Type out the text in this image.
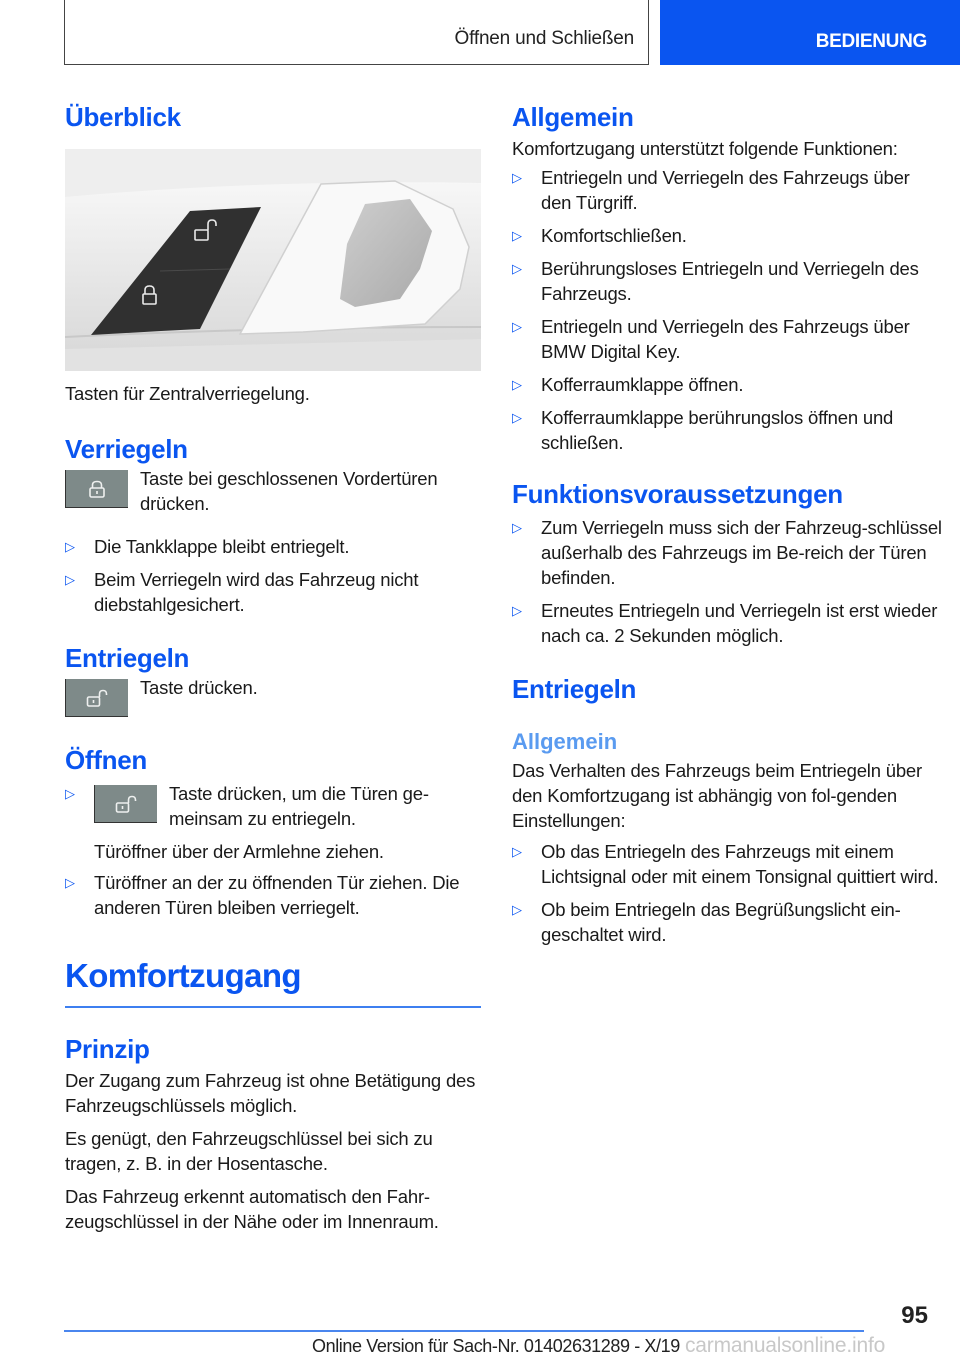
Öffnen und Schließen	BEDIENUNG
Überblick

Tasten für Zentralverriegelung.

Verriegeln

Taste bei geschlossenen Vordertüren drücken.

▷	Die Tankklappe bleibt entriegelt.
▷	Beim Verriegeln wird das Fahrzeug nicht diebstahlgesichert.
Entriegeln

Taste drücken.

Öffnen
▷	Taste drücken, um die Türen ge-meinsam zu entriegeln.

Türöffner über der Armlehne ziehen.

▷	Türöffner an der zu öffnenden Tür ziehen. Die anderen Türen bleiben verriegelt.
Komfortzugang
Prinzip

Der Zugang zum Fahrzeug ist ohne Betätigung des Fahrzeugschlüssels möglich.

Es genügt, den Fahrzeugschlüssel bei sich zu tragen, z. B. in der Hosentasche.

Das Fahrzeug erkennt automatisch den Fahr-zeugschlüssel in der Nähe oder im Innenraum.

Allgemein

Komfortzugang unterstützt folgende Funktionen:

▷	Entriegeln und Verriegeln des Fahrzeugs über den Türgriff.
▷	Komfortschließen.
▷	Berührungsloses Entriegeln und Verriegeln des Fahrzeugs.
▷	Entriegeln und Verriegeln des Fahrzeugs über BMW Digital Key.
▷	Kofferraumklappe öffnen.
▷	Kofferraumklappe berührungslos öffnen und schließen.
Funktionsvoraussetzungen
▷	Zum Verriegeln muss sich der Fahrzeug-schlüssel außerhalb des Fahrzeugs im Be-reich der Türen befinden.
▷	Erneutes Entriegeln und Verriegeln ist erst wieder nach ca. 2 Sekunden möglich.
Entriegeln
Allgemein

Das Verhalten des Fahrzeugs beim Entriegeln über den Komfortzugang ist abhängig von fol-genden Einstellungen:

▷	Ob das Entriegeln des Fahrzeugs mit einem Lichtsignal oder mit einem Tonsignal quittiert wird.
▷	Ob beim Entriegeln das Begrüßungslicht ein-geschaltet wird.
95
Online Version für Sach-Nr. 01402631289 - X/19 carmanualsonline.info
